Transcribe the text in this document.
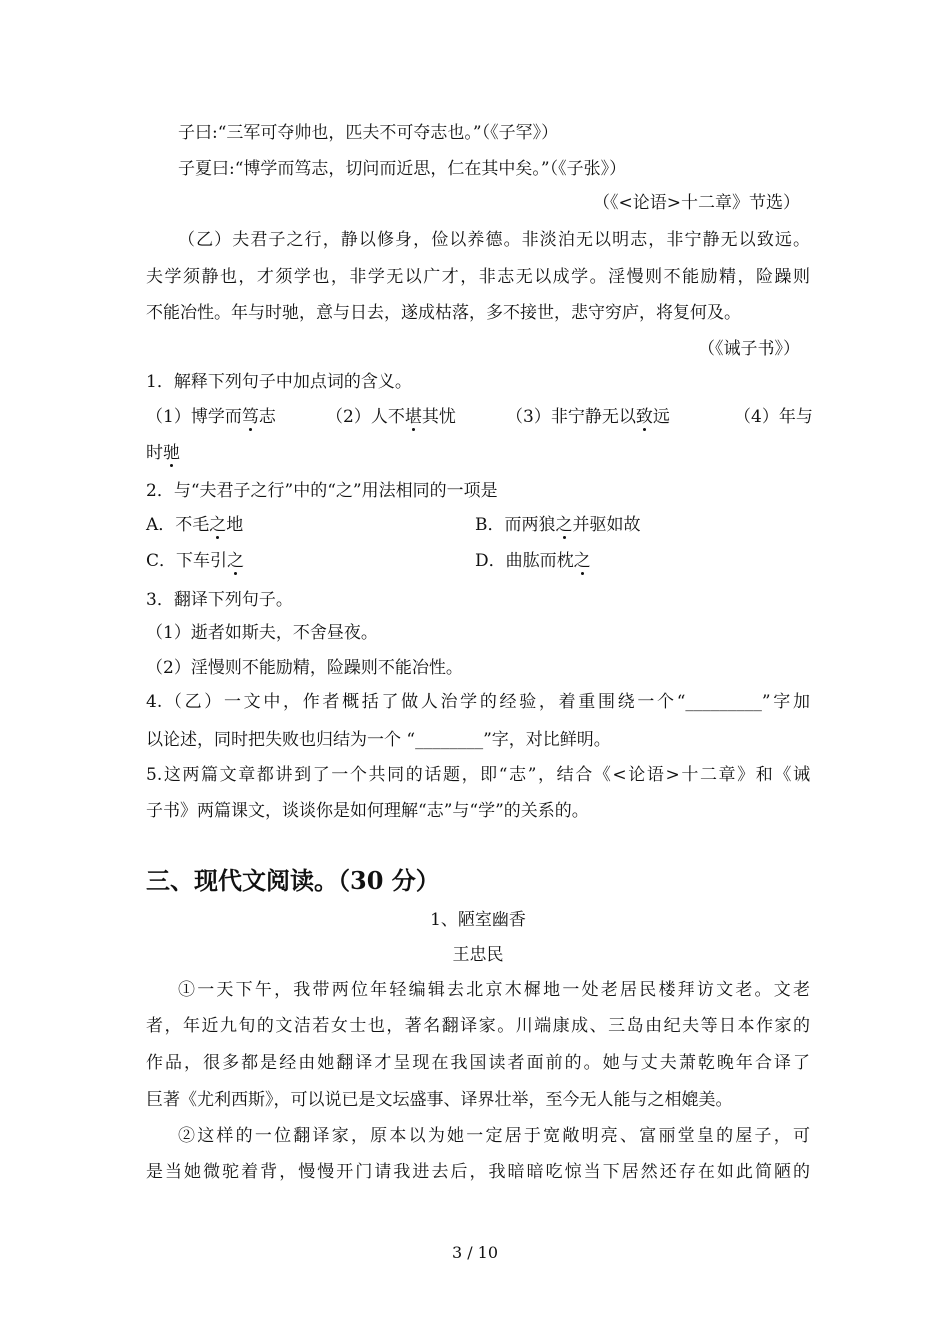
子曰:“三军可夺帅也，匹夫不可夺志也。”（《子罕》）
子夏曰:“博学而笃志，切问而近思，仁在其中矣。”（《子张》）
（《<论语>十二章》节选）
（乙）夫君子之行，静以修身，俭以养德。非淡泊无以明志，非宁静无以致远。
夫学须静也，才须学也，非学无以广才，非志无以成学。淫慢则不能励精，险躁则
不能冶性。年与时驰，意与日去，遂成枯落，多不接世，悲守穷庐，将复何及。
（《诫子书》）
1．解释下列句子中加点词的含义。
（1）博学而笃志	（2）人不堪其忧	（3）非宁静无以致远	（4）年与
时驰
2．与“夫君子之行”中的“之”用法相同的一项是
A．不毛之地	B．而两狼之并驱如故
C．下车引之	D．曲肱而枕之
3．翻译下列句子。
（1）逝者如斯夫，不舍昼夜。
（2）淫慢则不能励精，险躁则不能冶性。
4.（乙）一文中，作者概括了做人治学的经验，着重围绕一个“_________”字加
以论述，同时把失败也归结为一个 “________”字，对比鲜明。
5.这两篇文章都讲到了一个共同的话题，即“志”，结合《<论语>十二章》和《诫
子书》两篇课文，谈谈你是如何理解“志”与“学”的关系的。
三、现代文阅读。（30 分）
1、陋室幽香
王忠民
①一天下午，我带两位年轻编辑去北京木樨地一处老居民楼拜访文老。文老
者，年近九旬的文洁若女士也，著名翻译家。川端康成、三岛由纪夫等日本作家的
作品，很多都是经由她翻译才呈现在我国读者面前的。她与丈夫萧乾晚年合译了
巨著《尤利西斯》，可以说已是文坛盛事、译界壮举，至今无人能与之相媲美。
②这样的一位翻译家，原本以为她一定居于宽敞明亮、富丽堂皇的屋子，可
是当她微驼着背，慢慢开门请我进去后，我暗暗吃惊当下居然还存在如此简陋的
3 / 10
